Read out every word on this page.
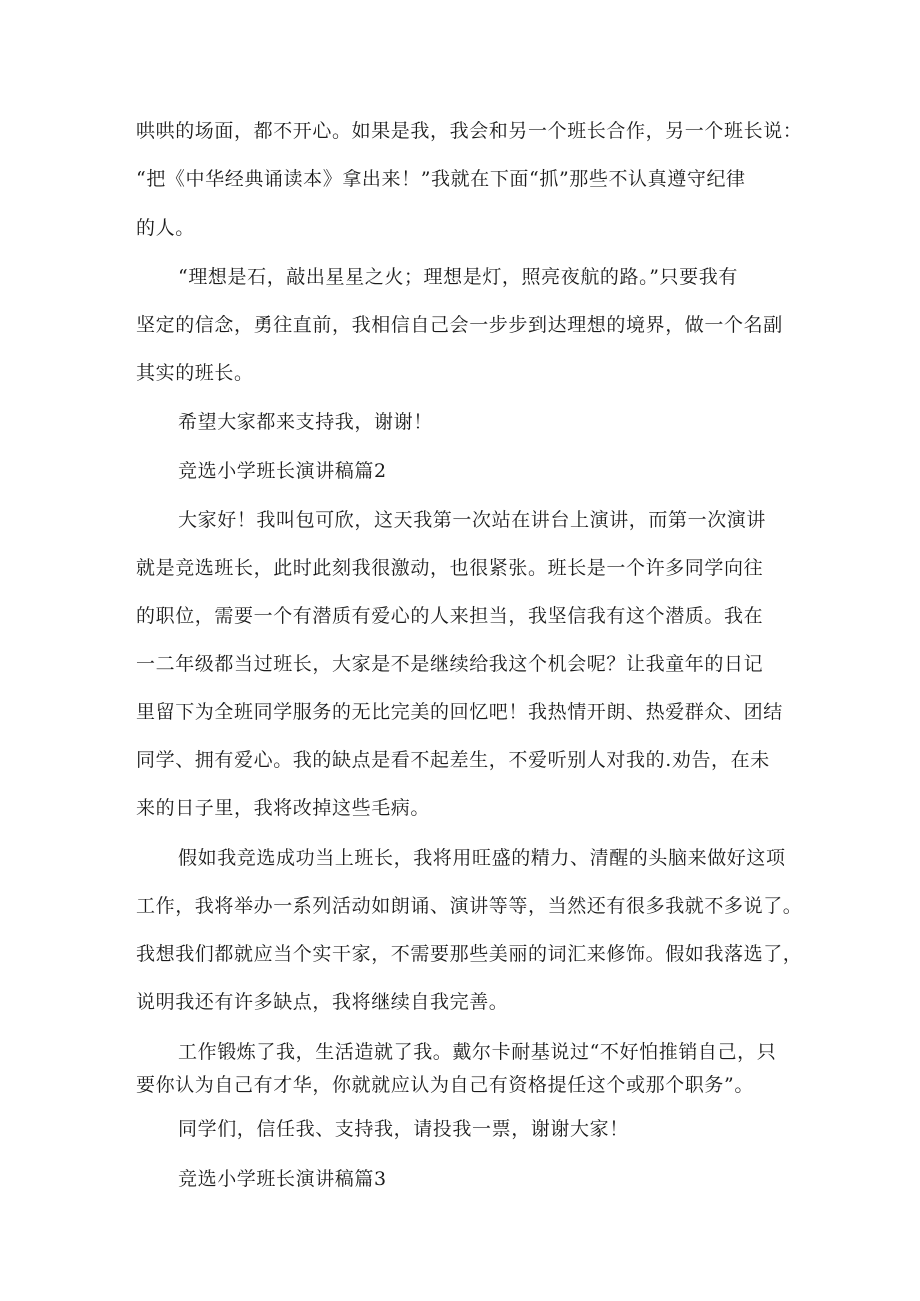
哄哄的场面，都不开心。如果是我，我会和另一个班长合作，另一个班长说：
“把《中华经典诵读本》拿出来！”我就在下面“抓”那些不认真遵守纪律
的人。
“理想是石，敲出星星之火；理想是灯，照亮夜航的路。”只要我有
坚定的信念，勇往直前，我相信自己会一步步到达理想的境界，做一个名副
其实的班长。
希望大家都来支持我，谢谢！
竞选小学班长演讲稿篇2
大家好！我叫包可欣，这天我第一次站在讲台上演讲，而第一次演讲
就是竞选班长，此时此刻我很激动，也很紧张。班长是一个许多同学向往
的职位，需要一个有潜质有爱心的人来担当，我坚信我有这个潜质。我在
一二年级都当过班长，大家是不是继续给我这个机会呢？让我童年的日记
里留下为全班同学服务的无比完美的回忆吧！我热情开朗、热爱群众、团结
同学、拥有爱心。我的缺点是看不起差生，不爱听别人对我的.劝告，在未
来的日子里，我将改掉这些毛病。
假如我竞选成功当上班长，我将用旺盛的精力、清醒的头脑来做好这项
工作，我将举办一系列活动如朗诵、演讲等等，当然还有很多我就不多说了。
我想我们都就应当个实干家，不需要那些美丽的词汇来修饰。假如我落选了，
说明我还有许多缺点，我将继续自我完善。
工作锻炼了我，生活造就了我。戴尔卡耐基说过“不好怕推销自己，只
要你认为自己有才华，你就就应认为自己有资格提任这个或那个职务”。
同学们，信任我、支持我，请投我一票，谢谢大家！
竞选小学班长演讲稿篇3
